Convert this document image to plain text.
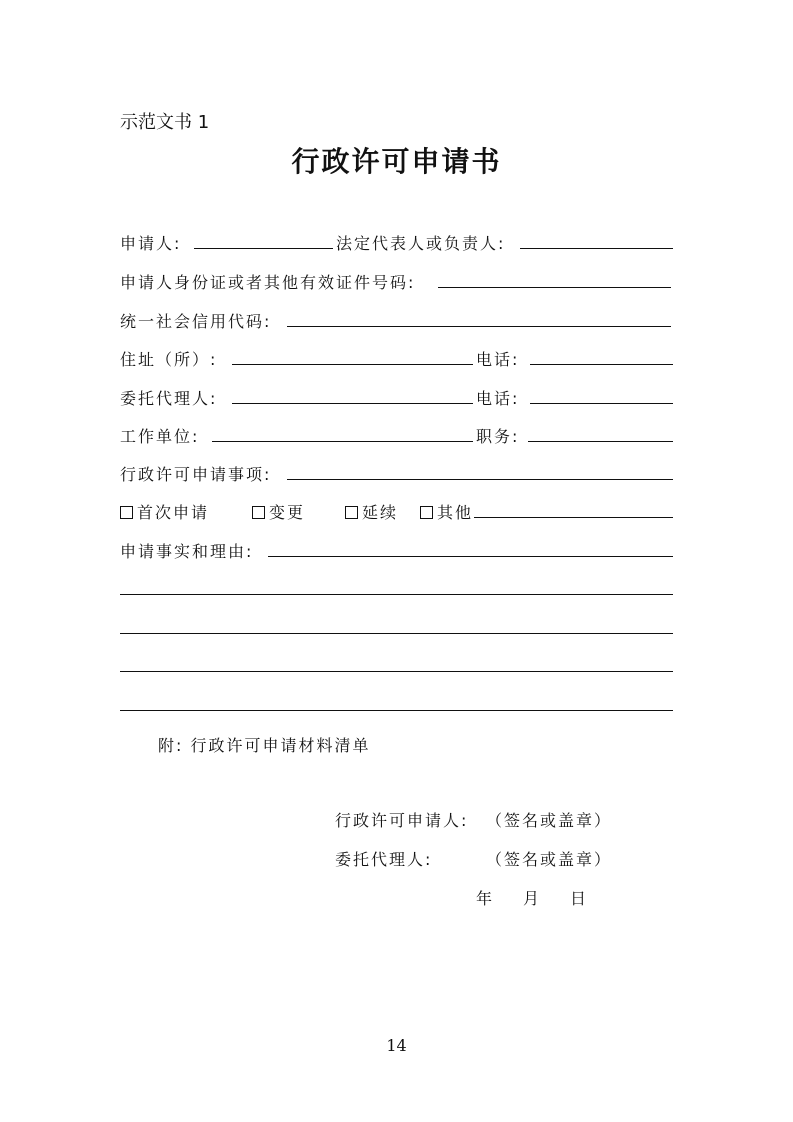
示范文书 1
行政许可申请书
申请人:	法定代表人或负责人:
申请人身份证或者其他有效证件号码:
统一社会信用代码:
住址（所）:	电话:
委托代理人:	电话:
工作单位:	职务:
行政许可申请事项:
首次申请	变更	延续	其他
申请事实和理由:
附: 行政许可申请材料清单
行政许可申请人: （签名或盖章）
委托代理人:	（签名或盖章）
年 月 日
14
